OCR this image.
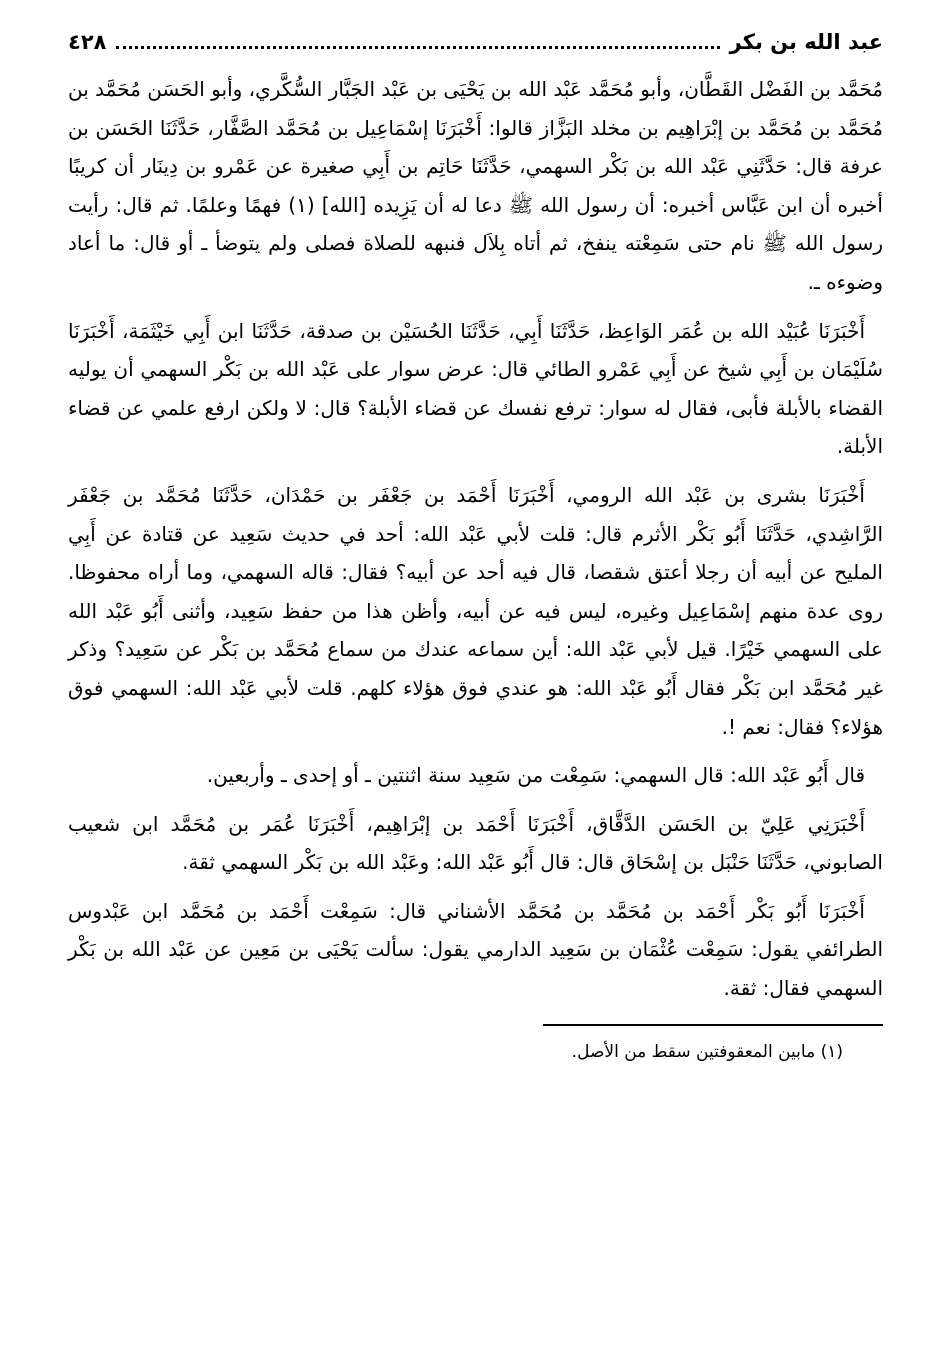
عبد الله بن بكر
٤٢٨

مُحَمَّد بن الفَضْل القَطَّان، وأبو مُحَمَّد عَبْد الله بن يَحْيَى بن عَبْد الجَبَّار السُّكَّري، وأبو الحَسَن مُحَمَّد بن مُحَمَّد بن مُحَمَّد بن إبْرَاهِيم بن مخلد البَزَّاز قالوا: أَخْبَرَنَا إسْمَاعِيل بن مُحَمَّد الصَّفَّار، حَدَّثَنَا الحَسَن بن عرفة قال: حَدَّثَنِي عَبْد الله بن بَكْر السهمي، حَدَّثَنَا حَاتِم بن أَبِي صغيرة عن عَمْرو بن دِينَار أن كريبًا أخبره أن ابن عَبَّاس أخبره: أن رسول الله ﷺ دعا له أن يَزِيده [الله] (١) فهمًا وعلمًا. ثم قال: رأيت رسول الله ﷺ نام حتى سَمِعْته ينفخ، ثم أتاه بِلاَل فنبهه للصلاة فصلى ولم يتوضأ ـ أو قال: ما أعاد وضوءه ـ.

أَخْبَرَنَا عُبَيْد الله بن عُمَر الوَاعِظ، حَدَّثَنَا أَبِي، حَدَّثَنَا الحُسَيْن بن صدقة، حَدَّثَنَا ابن أَبِي خَيْثَمَة، أَخْبَرَنَا سُلَيْمَان بن أَبِي شيخ عن أَبِي عَمْرو الطائي قال: عرض سوار على عَبْد الله بن بَكْر السهمي أن يوليه القضاء بالأبلة فأبى، فقال له سوار: ترفع نفسك عن قضاء الأبلة؟ قال: لا ولكن ارفع علمي عن قضاء الأبلة.

أَخْبَرَنَا بشرى بن عَبْد الله الرومي، أَخْبَرَنَا أَحْمَد بن جَعْفَر بن حَمْدَان، حَدَّثَنَا مُحَمَّد بن جَعْفَر الرَّاشِدي، حَدَّثَنَا أَبُو بَكْر الأثرم قال: قلت لأبي عَبْد الله: أحد في حديث سَعِيد عن قتادة عن أَبِي المليح عن أبيه أن رجلا أعتق شقصا، قال فيه أحد عن أبيه؟ فقال: قاله السهمي، وما أراه محفوظا. روى عدة منهم إسْمَاعِيل وغيره، ليس فيه عن أبيه، وأظن هذا من حفظ سَعِيد، وأثنى أَبُو عَبْد الله على السهمي خَيْرًا. قيل لأبي عَبْد الله: أين سماعه عندك من سماع مُحَمَّد بن بَكْر عن سَعِيد؟ وذكر غير مُحَمَّد ابن بَكْر فقال أَبُو عَبْد الله: هو عندي فوق هؤلاء كلهم. قلت لأبي عَبْد الله: السهمي فوق هؤلاء؟ فقال: نعم !.

قال أَبُو عَبْد الله: قال السهمي: سَمِعْت من سَعِيد سنة اثنتين ـ أو إحدى ـ وأربعين.

أَخْبَرَنِي عَلِيّ بن الحَسَن الدَّقَّاق، أَخْبَرَنَا أَحْمَد بن إبْرَاهِيم، أَخْبَرَنَا عُمَر بن مُحَمَّد ابن شعيب الصابوني، حَدَّثَنَا حَنْبَل بن إسْحَاق قال: قال أَبُو عَبْد الله: وعَبْد الله بن بَكْر السهمي ثقة.

أَخْبَرَنَا أَبُو بَكْر أَحْمَد بن مُحَمَّد بن مُحَمَّد الأشناني قال: سَمِعْت أَحْمَد بن مُحَمَّد ابن عَبْدوس الطرائفي يقول: سَمِعْت عُثْمَان بن سَعِيد الدارمي يقول: سألت يَحْيَى بن مَعِين عن عَبْد الله بن بَكْر السهمي فقال: ثقة.

(١) مابين المعقوفتين سقط من الأصل.
